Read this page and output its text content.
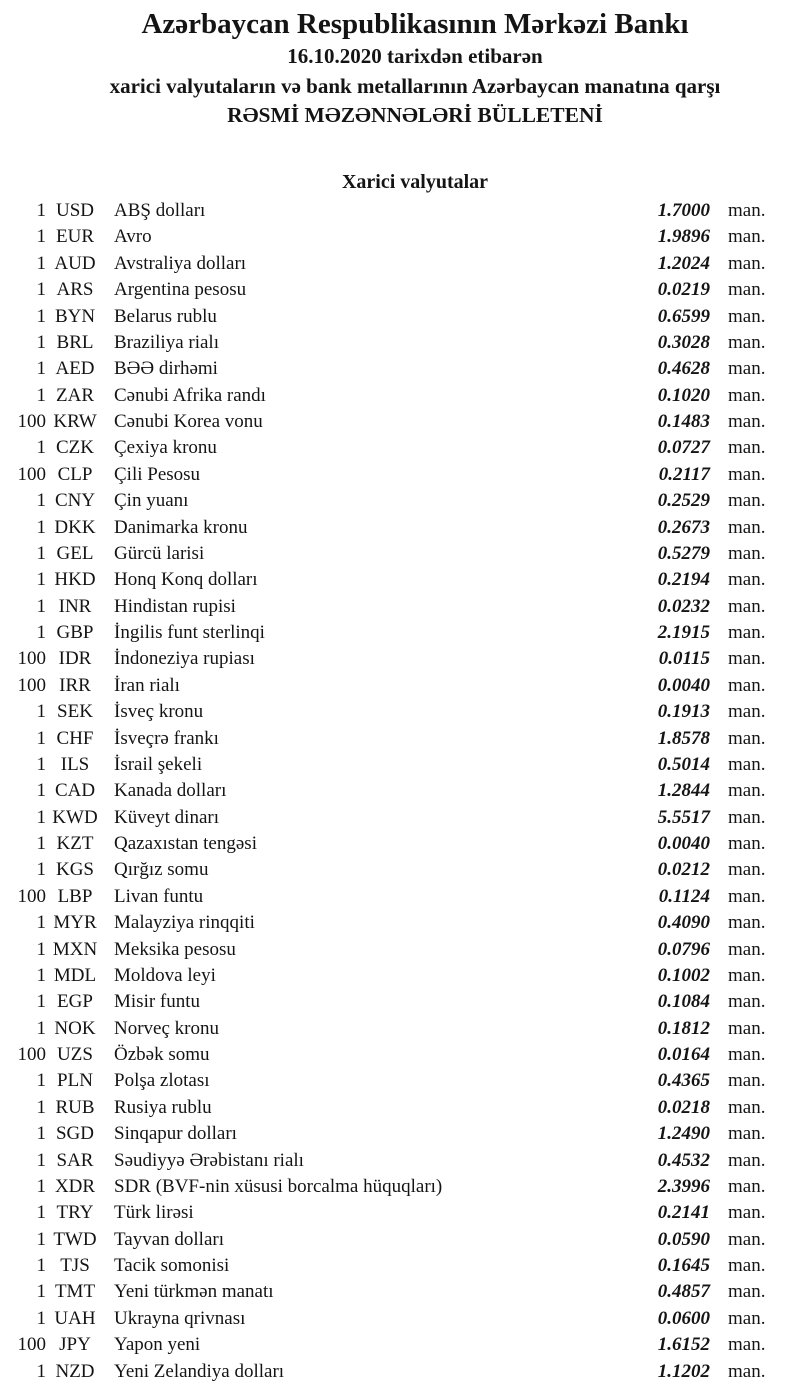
Azərbaycan Respublikasının Mərkəzi Bankı
16.10.2020 tarixdən etibarən
xarici valyutaların və bank metallarının Azərbaycan manatına qarşı
RƏSMİ MƏZƏNNƏLƏRİ BÜLLETENİ
Xarici valyutalar
1 USD	ABŞ dolları	1.7000 man.
1 EUR	Avro	1.9896 man.
1 AUD Avstraliya dolları	1.2024 man.
1 ARS	Argentina pesosu	0.0219 man.
1 BYN Belarus rublu	0.6599 man.
1 BRL	Braziliya rialı	0.3028 man.
1 AED	BƏƏ dirhəmi	0.4628 man.
1 ZAR	Cənubi Afrika randı	0.1020 man.
100 KRW Cənubi Korea vonu	0.1483 man.
1 CZK	Çexiya kronu	0.0727 man.
100 CLP	Çili Pesosu	0.2117 man.
1 CNY Çin yuanı	0.2529 man.
1 DKK Danimarka kronu	0.2673 man.
1 GEL	Gürcü larisi	0.5279 man.
1 HKD Honq Konq dolları	0.2194 man.
1 INR	Hindistan rupisi	0.0232 man.
1 GBP	İngilis funt sterlinqi	2.1915 man.
100 IDR	İndoneziya rupiası	0.0115 man.
100 IRR	İran rialı	0.0040 man.
1 SEK	İsveç kronu	0.1913 man.
1 CHF	İsveçrə frankı	1.8578 man.
1 ILS	İsrail şekeli	0.5014 man.
1 CAD Kanada dolları	1.2844 man.
1 KWD Küveyt dinarı	5.5517 man.
1 KZT	Qazaxıstan tengəsi	0.0040 man.
1 KGS	Qırğız somu	0.0212 man.
100 LBP	Livan funtu	0.1124 man.
1 MYR Malayziya rinqqiti	0.4090 man.
1 MXN Meksika pesosu	0.0796 man.
1 MDL Moldova leyi	0.1002 man.
1 EGP	Misir funtu	0.1084 man.
1 NOK Norveç kronu	0.1812 man.
100 UZS	Özbək somu	0.0164 man.
1 PLN	Polşa zlotası	0.4365 man.
1 RUB	Rusiya rublu	0.0218 man.
1 SGD	Sinqapur dolları	1.2490 man.
1 SAR	Səudiyyə Ərəbistanı rialı	0.4532 man.
1 XDR SDR (BVF-nin xüsusi borcalma hüquqları)	2.3996 man.
1 TRY	Türk lirəsi	0.2141 man.
1 TWD Tayvan dolları	0.0590 man.
1 TJS	Tacik somonisi	0.1645 man.
1 TMT Yeni türkmən manatı	0.4857 man.
1 UAH Ukrayna qrivnası	0.0600 man.
100 JPY	Yapon yeni	1.6152 man.
1 NZD	Yeni Zelandiya dolları	1.1202 man.
